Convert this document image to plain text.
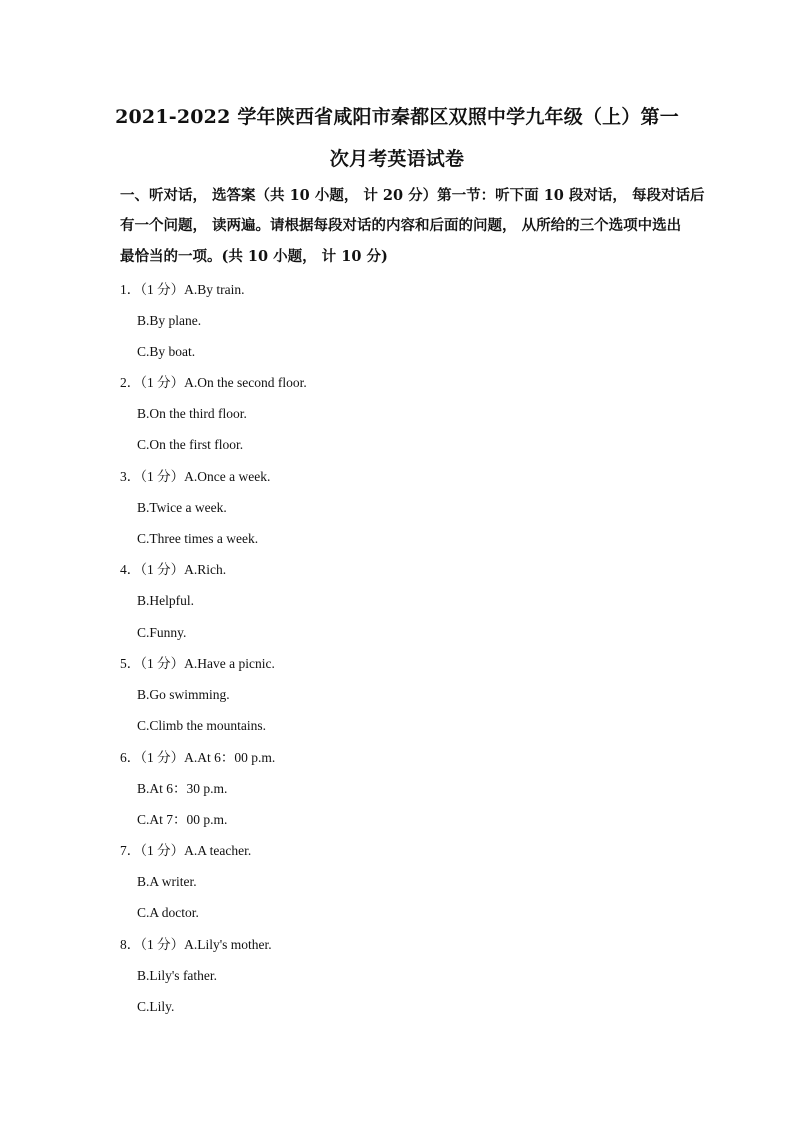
2021-2022 学年陕西省咸阳市秦都区双照中学九年级（上）第一
次月考英语试卷
一、听对话， 选答案（共 10 小题， 计 20 分）第一节：听下面 10 段对话， 每段对话后
有一个问题， 读两遍。请根据每段对话的内容和后面的问题， 从所给的三个选项中选出
最恰当的一项。(共 10 小题， 计 10 分)
1．（1 分）A.By train.
B.By plane.
C.By boat.
2．（1 分）A.On the second floor.
B.On the third floor.
C.On the first floor.
3．（1 分）A.Once a week.
B.Twice a week.
C.Three times a week.
4．（1 分）A.Rich.
B.Helpful.
C.Funny.
5．（1 分）A.Have a picnic.
B.Go swimming.
C.Climb the mountains.
6．（1 分）A.At 6：00 p.m.
B.At 6：30 p.m.
C.At 7：00 p.m.
7．（1 分）A.A teacher.
B.A writer.
C.A doctor.
8．（1 分）A.Lily's mother.
B.Lily's father.
C.Lily.
